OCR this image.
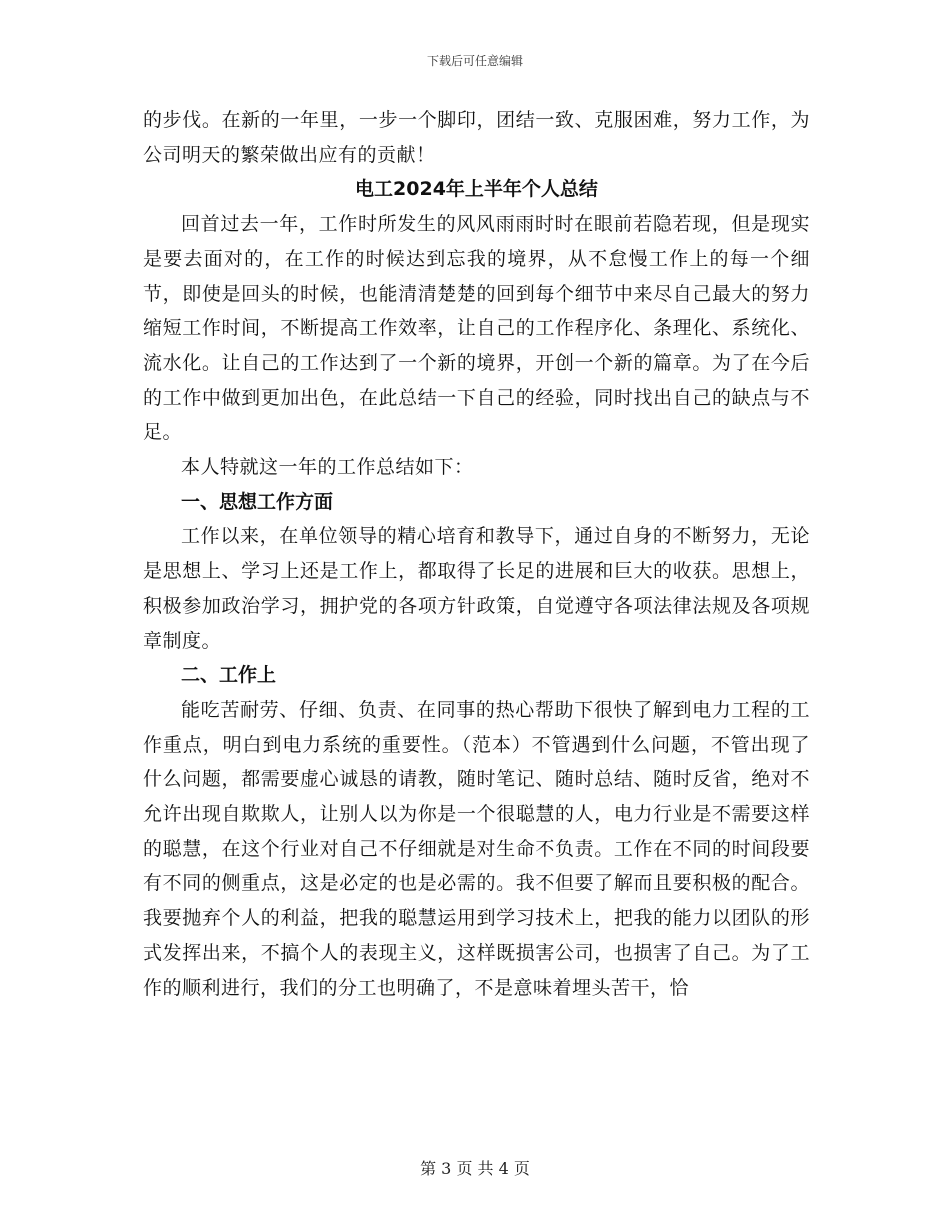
下载后可任意编辑

的步伐。在新的一年里，一步一个脚印，团结一致、克服困难，努力工作，为公司明天的繁荣做出应有的贡献！

电工2024年上半年个人总结

回首过去一年，工作时所发生的风风雨雨时时在眼前若隐若现，但是现实是要去面对的，在工作的时候达到忘我的境界，从不怠慢工作上的每一个细节，即使是回头的时候，也能清清楚楚的回到每个细节中来尽自己最大的努力缩短工作时间，不断提高工作效率，让自己的工作程序化、条理化、系统化、流水化。让自己的工作达到了一个新的境界，开创一个新的篇章。为了在今后的工作中做到更加出色，在此总结一下自己的经验，同时找出自己的缺点与不足。

本人特就这一年的工作总结如下：

一、思想工作方面

工作以来，在单位领导的精心培育和教导下，通过自身的不断努力，无论是思想上、学习上还是工作上，都取得了长足的进展和巨大的收获。思想上，积极参加政治学习，拥护党的各项方针政策，自觉遵守各项法律法规及各项规章制度。

二、工作上

能吃苦耐劳、仔细、负责、在同事的热心帮助下很快了解到电力工程的工作重点，明白到电力系统的重要性。（范本）不管遇到什么问题，不管出现了什么问题，都需要虚心诚恳的请教，随时笔记、随时总结、随时反省，绝对不允许出现自欺欺人，让别人以为你是一个很聪慧的人，电力行业是不需要这样的聪慧，在这个行业对自己不仔细就是对生命不负责。工作在不同的时间段要有不同的侧重点，这是必定的也是必需的。我不但要了解而且要积极的配合。我要抛弃个人的利益，把我的聪慧运用到学习技术上，把我的能力以团队的形式发挥出来，不搞个人的表现主义，这样既损害公司，也损害了自己。为了工作的顺利进行，我们的分工也明确了，不是意味着埋头苦干，恰

第 3 页 共 4 页
